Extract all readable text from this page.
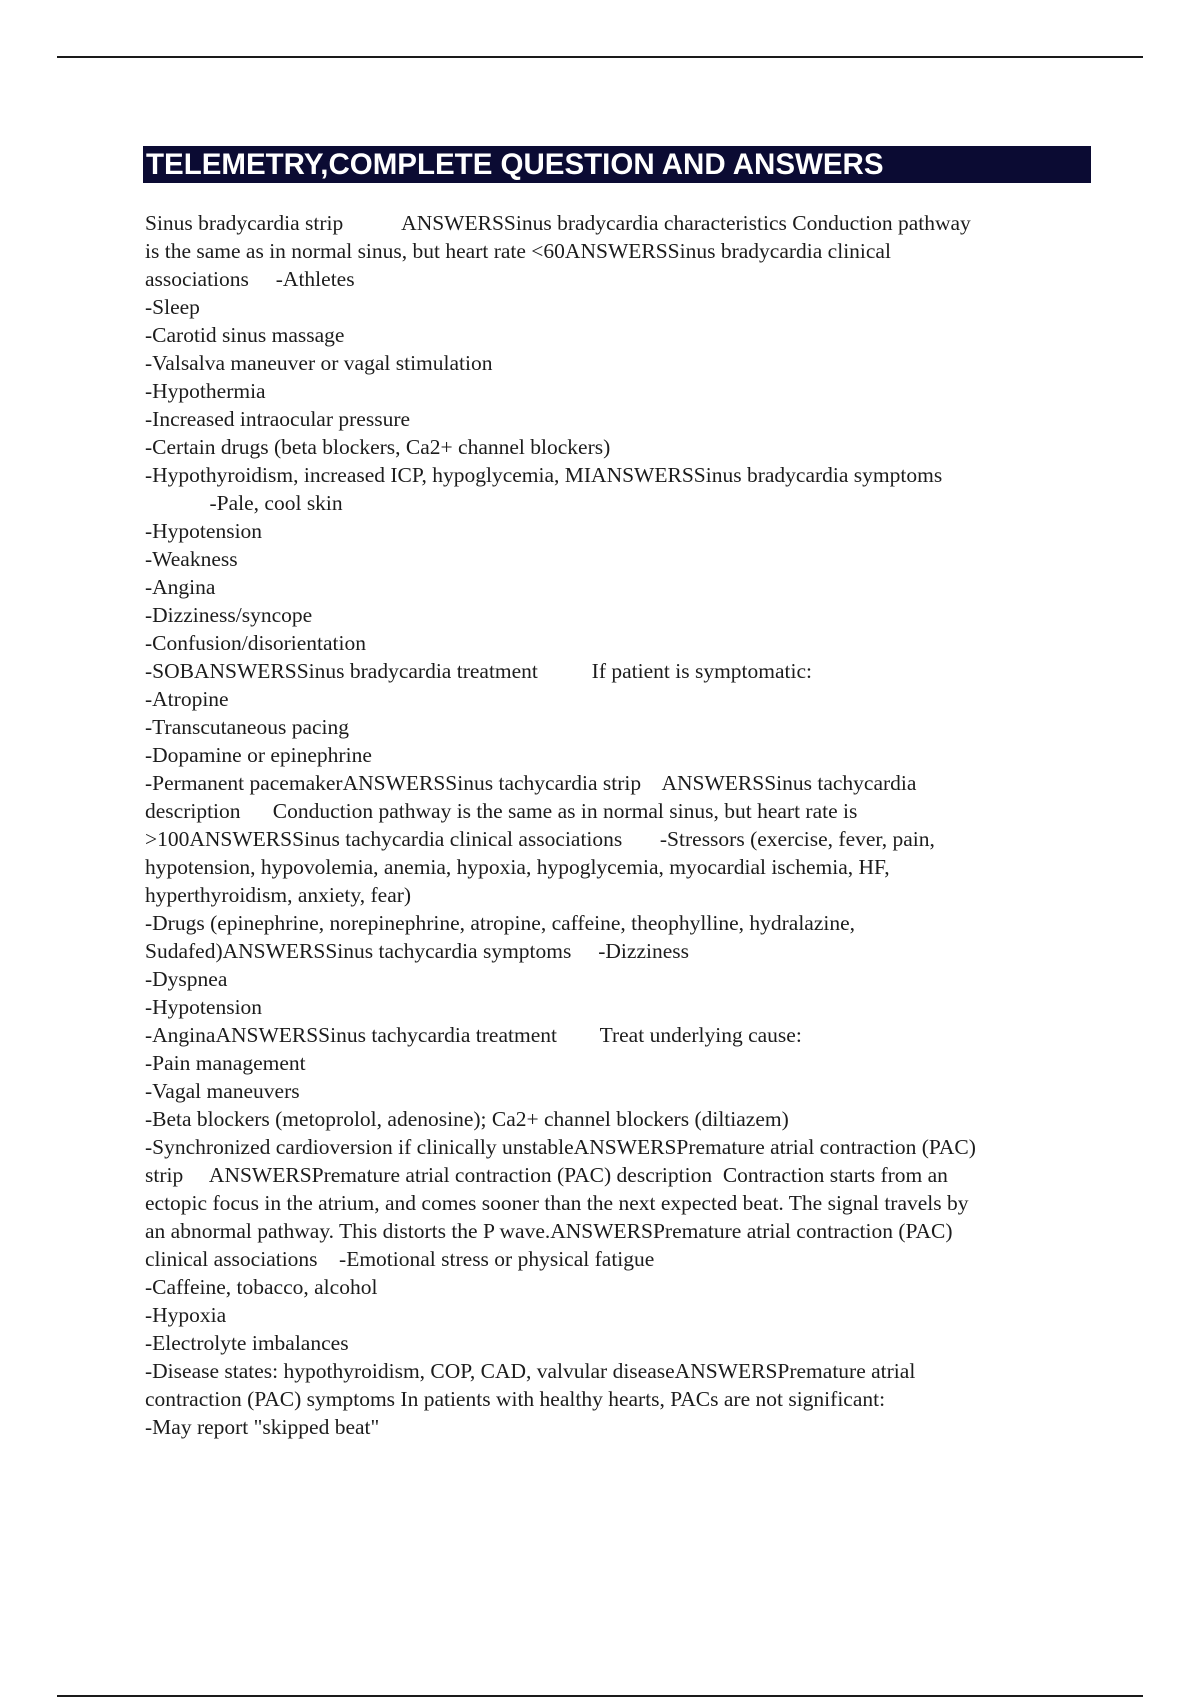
TELEMETRY,COMPLETE QUESTION AND ANSWERS
Sinus bradycardia strip           ANSWERSSinus bradycardia characteristics Conduction pathway
is the same as in normal sinus, but heart rate <60ANSWERSSinus bradycardia clinical
associations     -Athletes
-Sleep
-Carotid sinus massage
-Valsalva maneuver or vagal stimulation
-Hypothermia
-Increased intraocular pressure
-Certain drugs (beta blockers, Ca2+ channel blockers)
-Hypothyroidism, increased ICP, hypoglycemia, MIANSWERSSinus bradycardia symptoms
-Pale, cool skin
-Hypotension
-Weakness
-Angina
-Dizziness/syncope
-Confusion/disorientation
-SOBANSWERSSinus bradycardia treatment          If patient is symptomatic:
-Atropine
-Transcutaneous pacing
-Dopamine or epinephrine
-Permanent pacemakerANSWERSSinus tachycardia strip    ANSWERSSinus tachycardia
description      Conduction pathway is the same as in normal sinus, but heart rate is
>100ANSWERSSinus tachycardia clinical associations       -Stressors (exercise, fever, pain,
hypotension, hypovolemia, anemia, hypoxia, hypoglycemia, myocardial ischemia, HF,
hyperthyroidism, anxiety, fear)
-Drugs (epinephrine, norepinephrine, atropine, caffeine, theophylline, hydralazine,
Sudafed)ANSWERSSinus tachycardia symptoms     -Dizziness
-Dyspnea
-Hypotension
-AnginaANSWERSSinus tachycardia treatment        Treat underlying cause:
-Pain management
-Vagal maneuvers
-Beta blockers (metoprolol, adenosine); Ca2+ channel blockers (diltiazem)
-Synchronized cardioversion if clinically unstableANSWERSPremature atrial contraction (PAC)
strip     ANSWERSPremature atrial contraction (PAC) description  Contraction starts from an
ectopic focus in the atrium, and comes sooner than the next expected beat. The signal travels by
an abnormal pathway. This distorts the P wave.ANSWERSPremature atrial contraction (PAC)
clinical associations    -Emotional stress or physical fatigue
-Caffeine, tobacco, alcohol
-Hypoxia
-Electrolyte imbalances
-Disease states: hypothyroidism, COP, CAD, valvular diseaseANSWERSPremature atrial
contraction (PAC) symptoms In patients with healthy hearts, PACs are not significant:
-May report "skipped beat"
